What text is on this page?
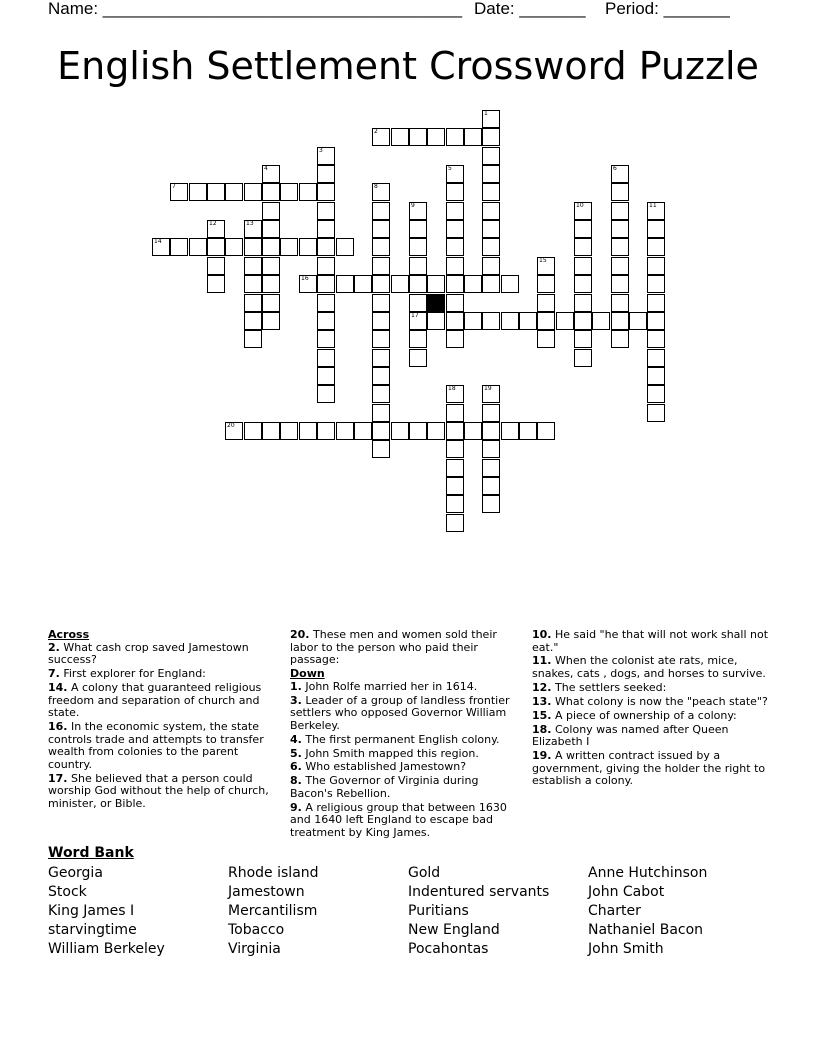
Name: ______________________________________ Date: _______ Period: _______
English Settlement Crossword Puzzle
1
2
3
4	5	6
7	8
9
17
10	11
12	13
14
15
16
18	19
20
Across
2. What cash crop saved Jamestown success?
7. First explorer for England:
14. A colony that guaranteed religious freedom and separation of church and state.
16. In the economic system, the state controls trade and attempts to transfer wealth from colonies to the parent country.
17. She believed that a person could worship God without the help of church, minister, or Bible.
20. These men and women sold their labor to the person who paid their passage:
Down
1. John Rolfe married her in 1614.
3. Leader of a group of landless frontier settlers who opposed Governor William Berkeley.
4. The first permanent English colony.
5. John Smith mapped this region.
6. Who established Jamestown?
8. The Governor of Virginia during Bacon's Rebellion.
9. A religious group that between 1630 and 1640 left England to escape bad treatment by King James.
10. He said "he that will not work shall not eat."
11. When the colonist ate rats, mice, snakes, cats , dogs, and horses to survive.
12. The settlers seeked:
13. What colony is now the "peach state"?
15. A piece of ownership of a colony:
18. Colony was named after Queen Elizabeth I
19. A written contract issued by a government, giving the holder the right to establish a colony.
Word Bank
Georgia
Stock
King James I
starvingtime
William Berkeley
Rhode island
Jamestown
Mercantilism
Tobacco
Virginia
Gold
Indentured servants
Puritians
New England
Pocahontas
Anne Hutchinson
John Cabot
Charter
Nathaniel Bacon
John Smith
